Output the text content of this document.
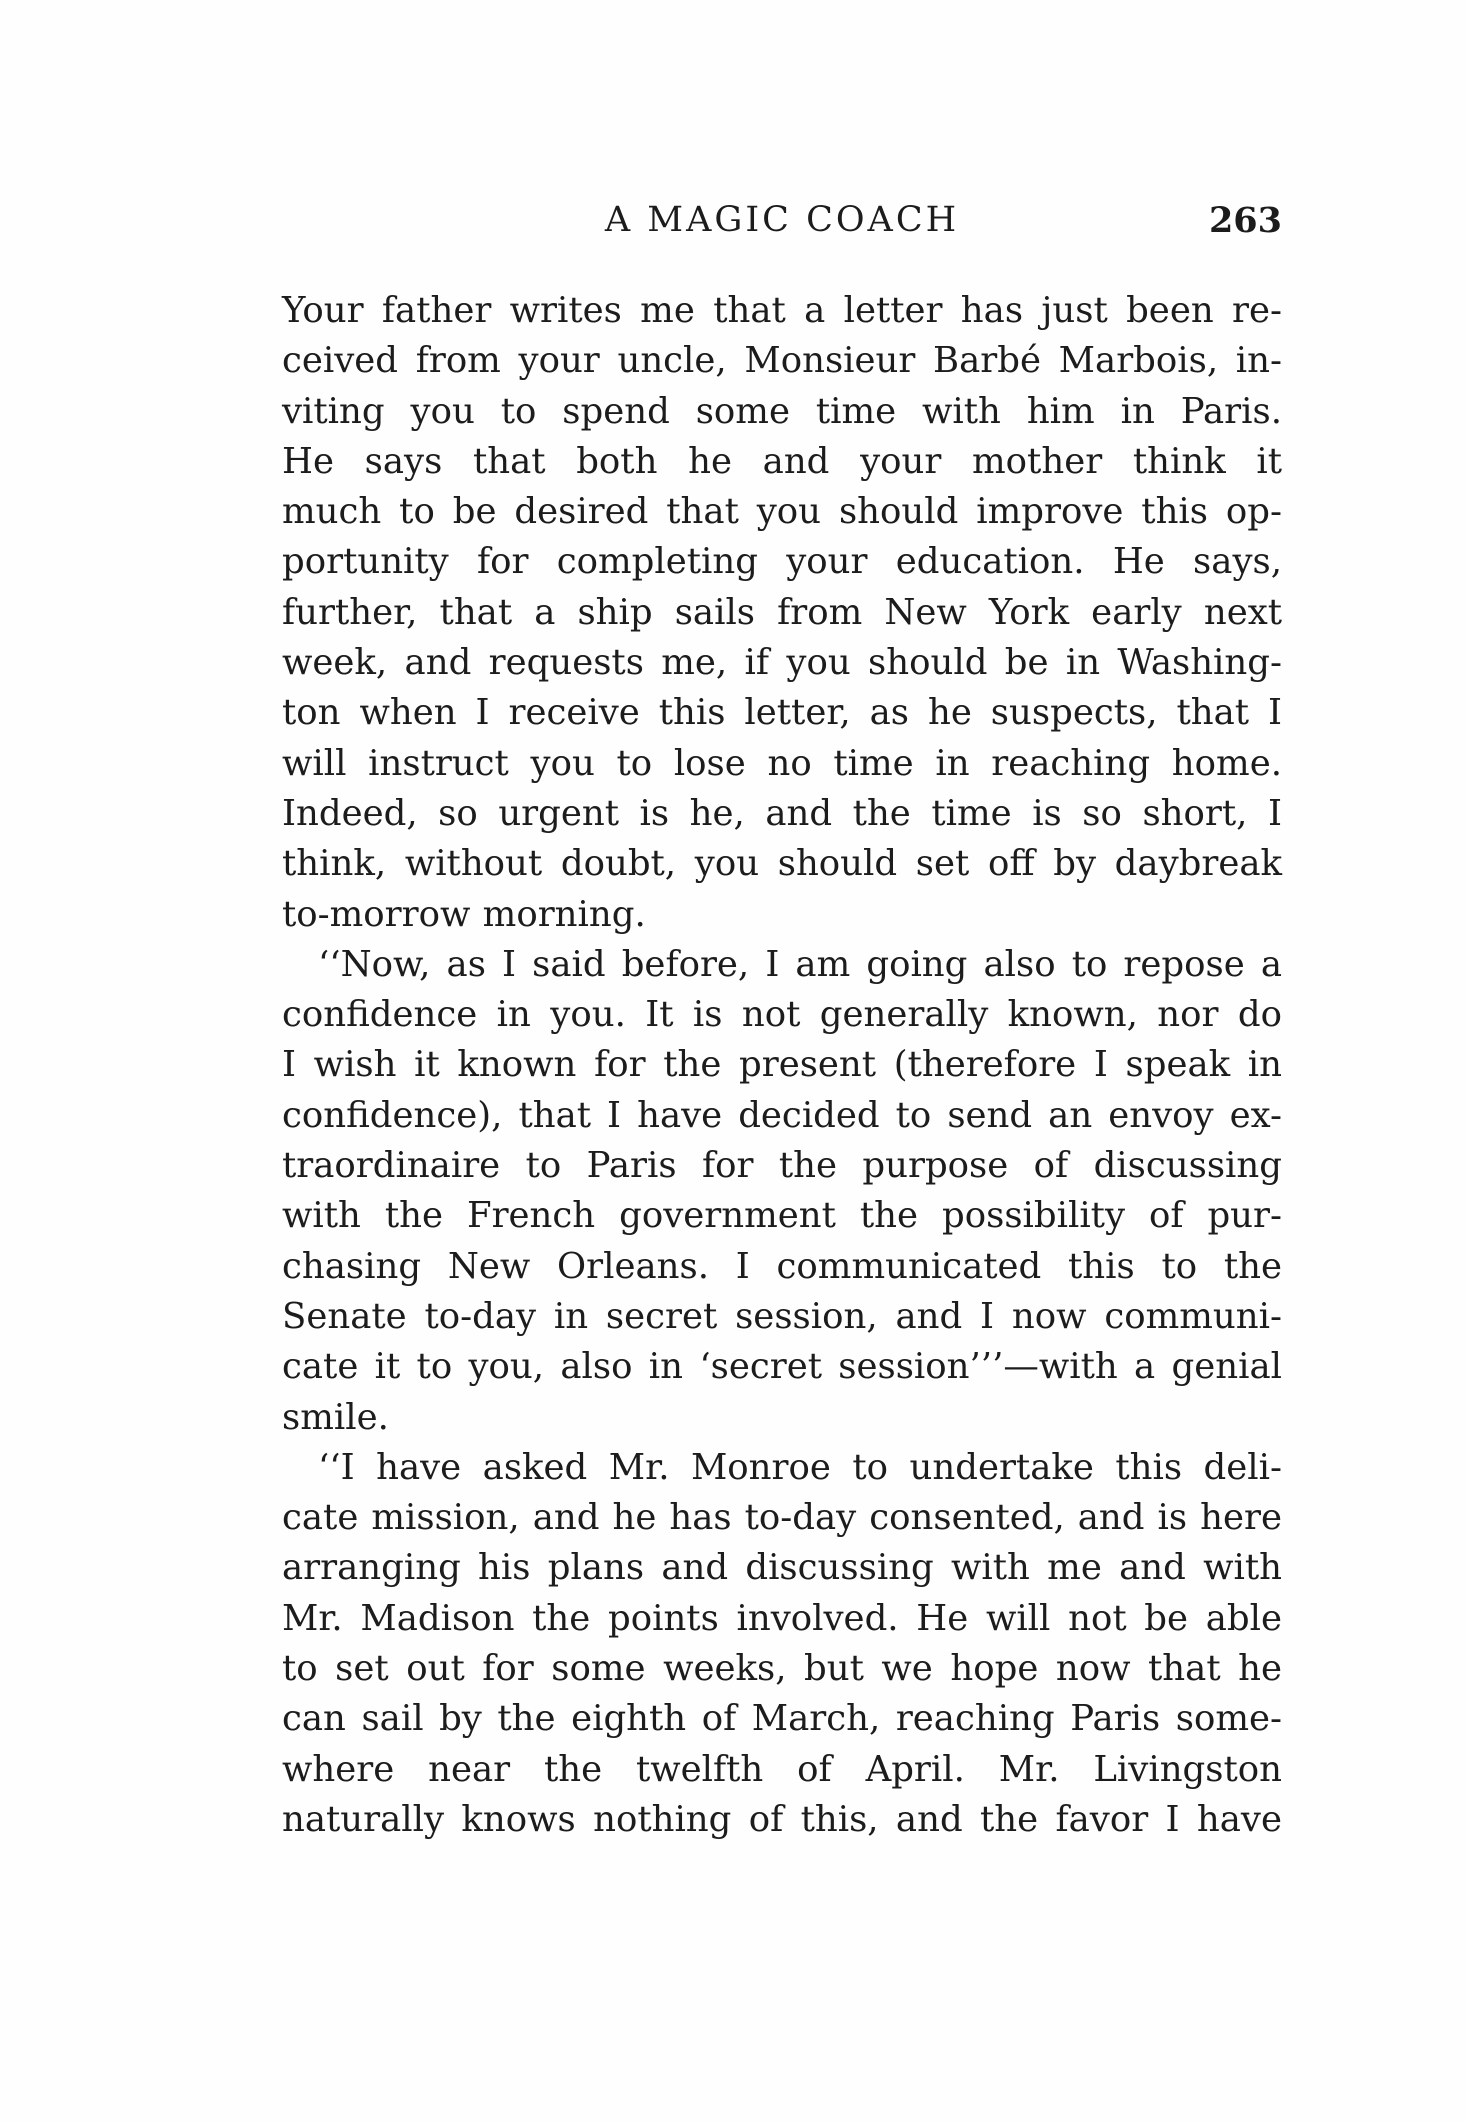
A MAGIC COACH	263
Your father writes me that a letter has just been re-
ceived from your uncle, Monsieur Barbé Marbois, in-
viting you to spend some time with him in Paris.
He says that both he and your mother think it
much to be desired that you should improve this op-
portunity for completing your education. He says,
further, that a ship sails from New York early next
week, and requests me, if you should be in Washing-
ton when I receive this letter, as he suspects, that I
will instruct you to lose no time in reaching home.
Indeed, so urgent is he, and the time is so short, I
think, without doubt, you should set off by daybreak
to-morrow morning.
‘‘Now, as I said before, I am going also to repose a
confidence in you. It is not generally known, nor do
I wish it known for the present (therefore I speak in
confidence), that I have decided to send an envoy ex-
traordinaire to Paris for the purpose of discussing
with the French government the possibility of pur-
chasing New Orleans. I communicated this to the
Senate to-day in secret session, and I now communi-
cate it to you, also in ‘secret session’’’—with a genial
smile.
‘‘I have asked Mr. Monroe to undertake this deli-
cate mission, and he has to-day consented, and is here
arranging his plans and discussing with me and with
Mr. Madison the points involved. He will not be able
to set out for some weeks, but we hope now that he
can sail by the eighth of March, reaching Paris some-
where near the twelfth of April. Mr. Livingston
naturally knows nothing of this, and the favor I have
